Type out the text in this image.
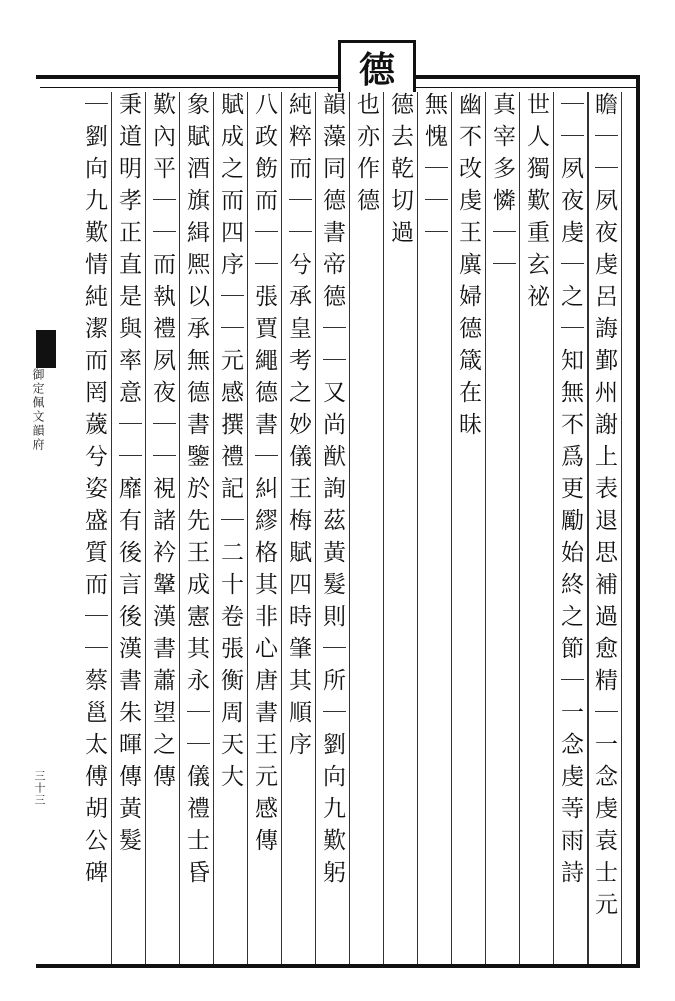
德
御定佩文韻府
三十三	瞻｜｜夙夜虔呂誨鄞州謝上表退思補過愈精｜一念虔袁士元
｜｜夙夜虔｜之｜知無不爲更勵始終之節｜一念虔䓁雨詩
世人獨歎重玄祕
真宰多憐｜｜
幽不改虔王廙婦德箴在昧
無愧｜｜｜
德去乾切過
也亦作德
韻藻同德書帝德｜｜又尚猷詢茲黃髮則｜所｜劉向九歎躬
純粹而｜｜兮承皇考之妙儀王梅賦四時肇其順序
八政飭而｜｜張賈繩德書｜糾繆格其非心唐書王元感傳
賦成之而四序｜｜元感撰禮記｜二十卷張衡周天大
象賦酒旗緝熈以承無德書鑒於先王成憲其永｜｜儀禮士昏
歎內平｜｜而執禮夙夜｜｜視諸衿鞶漢書蕭望之傳
秉道明孝正直是與率意｜｜靡有後言後漢書朱暉傳黃髮
｜劉向九歎情純潔而罔薉兮姿盛質而｜｜蔡邕太傅胡公碑
